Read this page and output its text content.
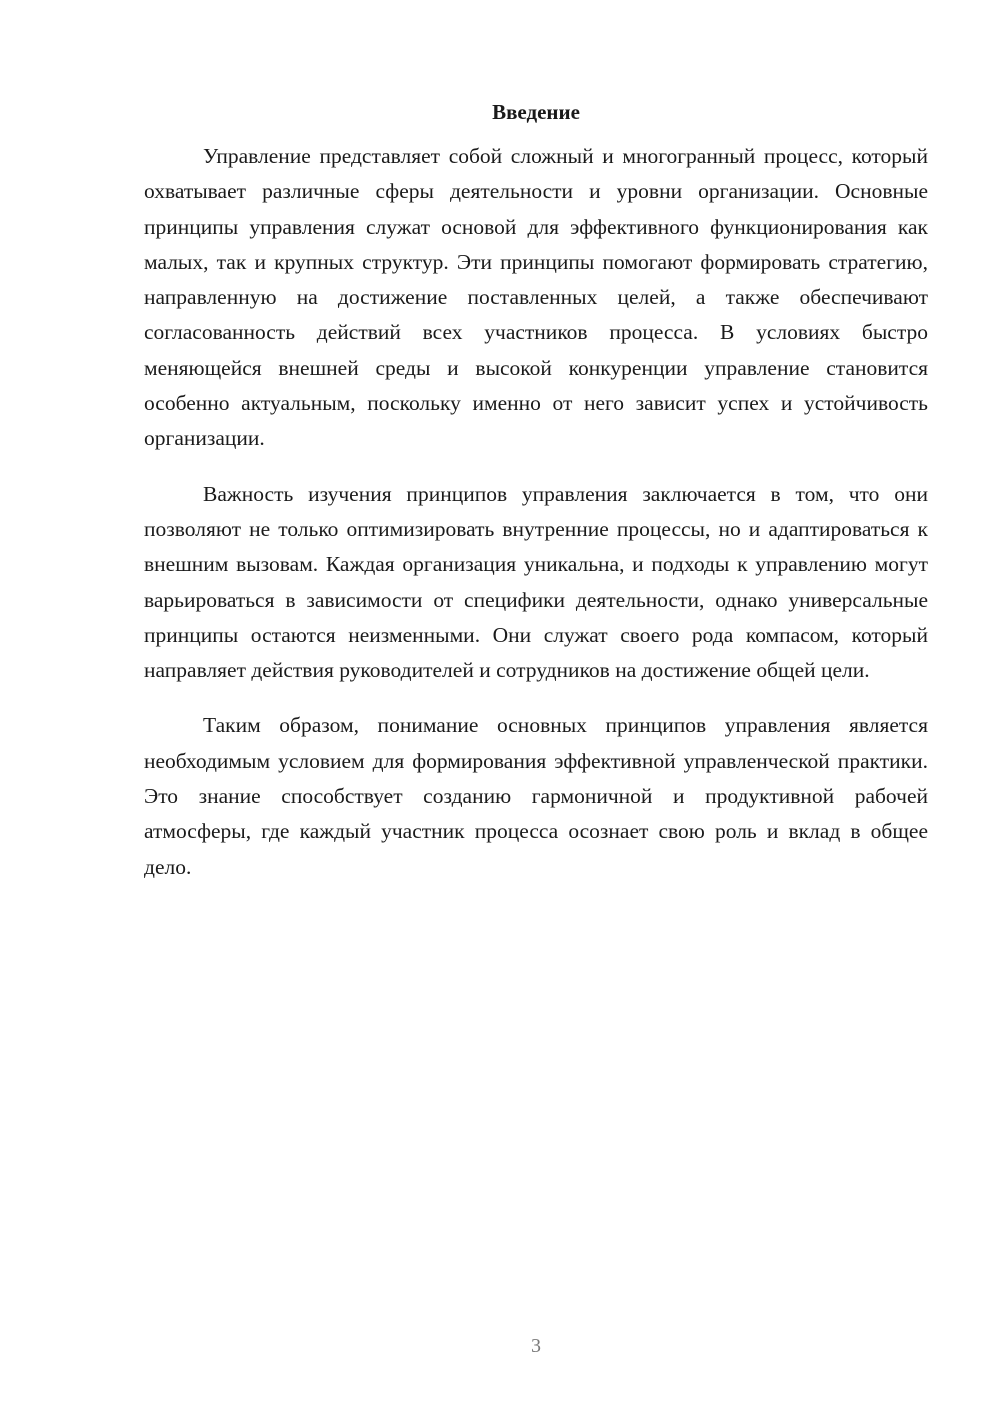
Введение

Управление представляет собой сложный и многогранный процесс, который охватывает различные сферы деятельности и уровни организации. Основные принципы управления служат основой для эффективного функционирования как малых, так и крупных структур. Эти принципы помогают формировать стратегию, направленную на достижение поставленных целей, а также обеспечивают согласованность действий всех участников процесса. В условиях быстро меняющейся внешней среды и высокой конкуренции управление становится особенно актуальным, поскольку именно от него зависит успех и устойчивость организации.

Важность изучения принципов управления заключается в том, что они позволяют не только оптимизировать внутренние процессы, но и адаптироваться к внешним вызовам. Каждая организация уникальна, и подходы к управлению могут варьироваться в зависимости от специфики деятельности, однако универсальные принципы остаются неизменными. Они служат своего рода компасом, который направляет действия руководителей и сотрудников на достижение общей цели.

Таким образом, понимание основных принципов управления является необходимым условием для формирования эффективной управленческой практики. Это знание способствует созданию гармоничной и продуктивной рабочей атмосферы, где каждый участник процесса осознает свою роль и вклад в общее дело.

3
